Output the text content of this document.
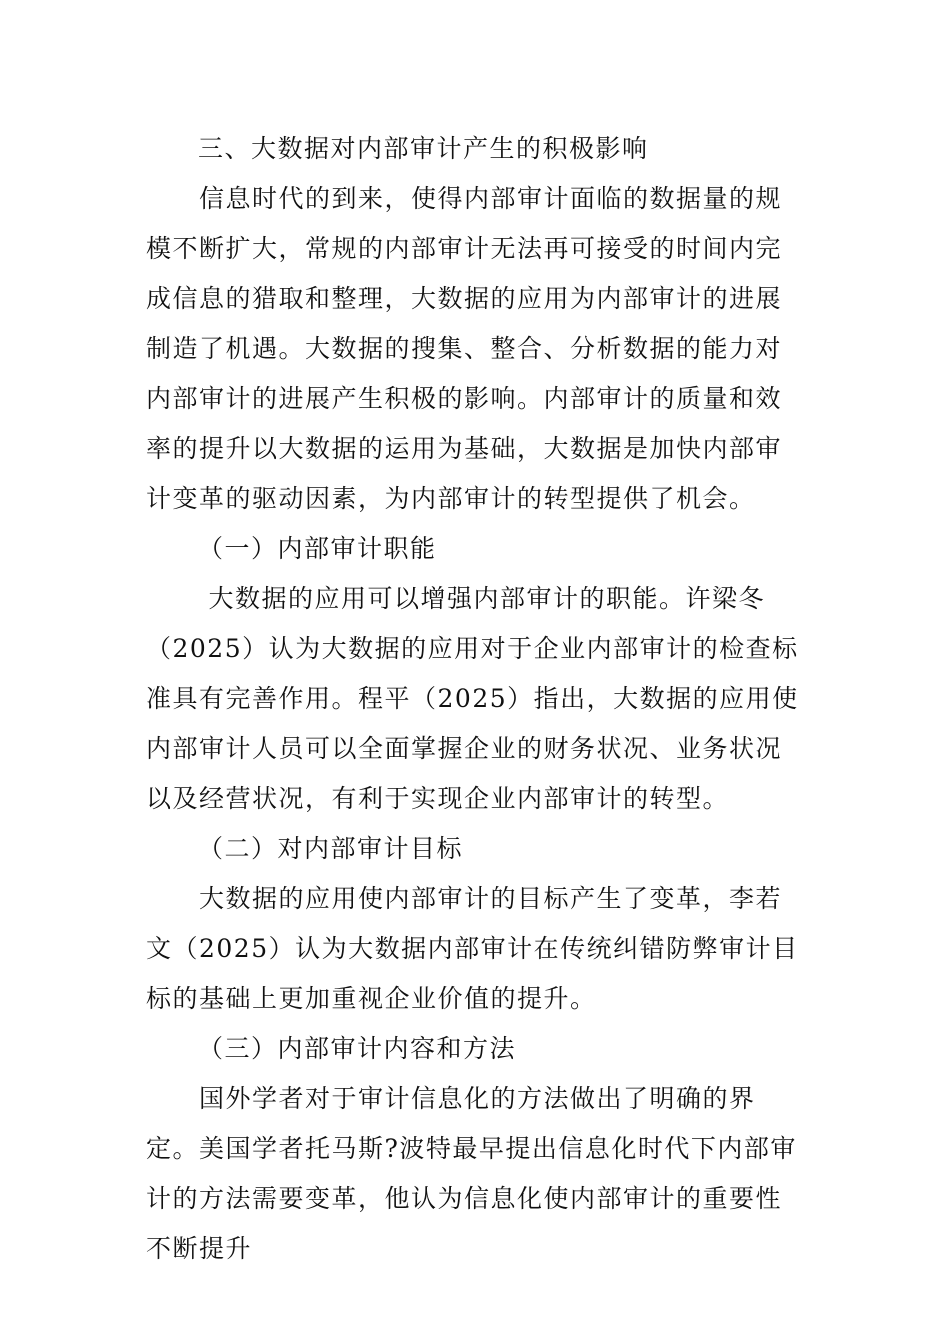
三、大数据对内部审计产生的积极影响
　　信息时代的到来，使得内部审计面临的数据量的规模不断扩大，常规的内部审计无法再可接受的时间内完成信息的猎取和整理，大数据的应用为内部审计的进展制造了机遇。大数据的搜集、整合、分析数据的能力对内部审计的进展产生积极的影响。内部审计的质量和效率的提升以大数据的运用为基础，大数据是加快内部审计变革的驱动因素，为内部审计的转型提供了机会。
（一）内部审计职能
　　 大数据的应用可以增强内部审计的职能。许梁冬（2025）认为大数据的应用对于企业内部审计的检查标准具有完善作用。程平（2025）指出，大数据的应用使内部审计人员可以全面掌握企业的财务状况、业务状况以及经营状况，有利于实现企业内部审计的转型。
（二）对内部审计目标
　　大数据的应用使内部审计的目标产生了变革，李若文（2025）认为大数据内部审计在传统纠错防弊审计目标的基础上更加重视企业价值的提升。
（三）内部审计内容和方法
　　国外学者对于审计信息化的方法做出了明确的界定。美国学者托马斯?波特最早提出信息化时代下内部审计的方法需要变革，他认为信息化使内部审计的重要性不断提升
